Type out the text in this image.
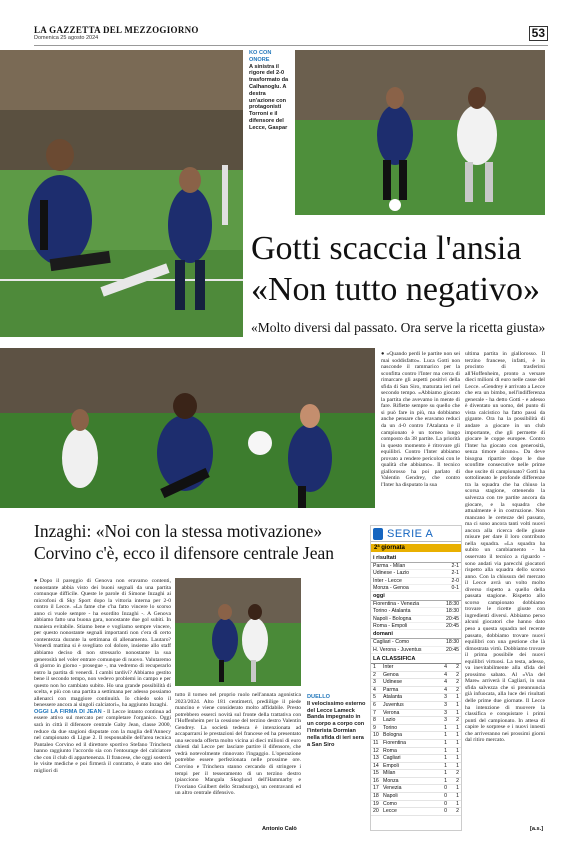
LA GAZZETTA DEL MEZZOGIORNO
Domenica 25 agosto 2024	53
KO CON ONORE
A sinistra il rigore del 2-0 trasformato da Calhanoglu. A destra un'azione con protagonisti Torroni e il difensore del Lecce, Gaspar
Gotti scaccia l'ansia
«Non tutto negativo»
«Molto diversi dal passato. Ora serve la ricetta giusta»
● «Quando perdi le partite non sei mai soddisfatto». Luca Gotti non nasconde il rammarico per la sconfitta contro l'Inter ma cerca di rimarcare gli aspetti positivi della sfida di San Siro, maturata ieri nel secondo tempo. «Abbiamo giocato la partita che avevamo in mente di fare. Riflette sempre su quello che si può fare in più, ma dobbiamo anche pensare che eravamo reduci da un 4-0 contro l'Atalanta e il campionato è un torneo lungo composto da 38 partite. La priorità in questo momento è ritrovare gli equilibri. Contro l'Inter abbiamo provato a rendere pericolosi con le qualità che abbiamo». Il tecnico giallorosso ha poi parlato di Valentin Gendrey, che contro l'Inter ha disputato la sua
ultima partita in giallorosso. Il terzino francese, infatti, è in procinto di trasferirsi all'Hoffenheim, pronto a versare dieci milioni di euro nelle casse del Lecce. «Gendrey è arrivato a Lecce che era un bimbo, nell'indifferenza generale - ha detto Gotti - e adesso è diventato un uomo, del punto di vista calcistico ha fatto passi da gigante. Ora ha la possibilità di andare a giocare in un club importante, che gli permette di giocare le coppe europee. Contro l'Inter ha giocato con generosità, senza timore alcuno». Da deve bisogna ripartire dopo le due sconfitte consecutive nelle prime due uscite di campionato? Gotti ha sottolineato le profonde differenze tra la squadra che ha chiuso la scorsa stagione, ottenendo la salvezza con tre partite ancora da giocare, e la squadra che attualmente è in costruzione. Non mancano le certezze del passato, ma ci sono ancora tanti volti nuovi ancora alla ricerca delle giuste misure per dare il loro contributo nella squadra. «La squadra ha subito un cambiamento - ha osservato il tecnico a riguardo - sono andati via parecchi giocatori rispetto alla squadra dello scorso anno. Con la chiusura del mercato il Lecce avrà un volto molto diverso rispetto a quello della passata stagione. Rispetto allo scorso campionato dobbiamo trovare le ricette giuste con ingredienti diversi. Abbiamo perso alcuni giocatori che hanno dato peso a questa squadra nel recente passato, dobbiamo trovare nuovi equilibri con una gestione che là dimostrata virtù. Dobbiamo trovare il prima possibile dei nuovi equilibri virtuosi. La testa, adesso, va inevitabilmente alla sfida del prossimo sabato. Al «Via del Mare» arriverà il Cagliari, in una sfida salvezza che si preannuncia già infuocata, alla luce dei risultati delle prime due giornate. Il Lecce ha intenzione di muovere la classifica e conquistare i primi punti del campionato. In attesa di capire le sorprese e i nuovi innesti che arriveranno nei prossimi giorni dal ritiro mercato.
[a.s.]
Inzaghi: «Noi con la stessa motivazione»
Corvino c'è, ecco il difensore centrale Jean
SERIE A
2ª giornata
i risultati
Parma - Milan	2-1
Udinese - Lazio	2-1
Inter - Lecce	2-0
Monza - Genoa	0-1
oggi
Fiorentina - Venezia	18:30
Torino - Atalanta	18:30
Napoli - Bologna	20:45
Roma - Empoli	20:45
domani
Cagliari - Como	18:30
H. Verona - Juventus	20:45
LA CLASSIFICA
1	Inter	4	2
2	Genoa	4	2
3	Udinese	4	2
4	Parma	4	2
5	Atalanta	3	1
6	Juventus	3	1
7	Verona	3	1
8	Lazio	3	2
9	Torino	1	1
10 Bologna	1	1
11 Fiorentina	1	1
12 Roma	1	1
13 Cagliari	1	1
14 Empoli	1	1
15 Milan	1	2
16 Monza	1	2
17 Venezia	0	1
18 Napoli	0	1
19 Como	0	1
20 Lecce	0	2
●Dopo il pareggio di Genova non eravamo contenti, nonostante abbia visto dei buoni segnali da una partita comunque difficile. Queste le parole di Simone Inzaghi ai microfoni di Sky Sport dopo la vittoria interna per 2-0 contro il Lecce. «La fame che c'ha fatto vincere lo scorso anno ci vuole sempre - ha esordito Inzaghi -. A Genova abbiamo fatto una buona gara, nonostante due gol subiti. In maniera evitabile. Stiamo bene e vogliamo sempre vincere, per questo nonostante segnali importanti non c'era di certo contentezza durante la settimana di allenamento. Lautaro? Venerdì mattina si è svegliato col dolore, insieme allo staff abbiamo deciso di non stressarlo nonostante la sua generosità nel voler entrare comunque di nuovo. Valutaremo di giorno in giorno - prosegue -, ma vedremo di recuperarlo entro la partita di venerdì. I cambi tardivi? Abbiamo gestito bene il secondo tempo, non vedevo problemi in campo e per questo non ho cambiato subito. Ho una grande possibilità di scelta, e più con una partita a settimana per adesso possiamo allenarci con maggiore continuità. Io chiedo solo il benessere ancora ai singoli calciatori», ha aggiunto Inzaghi.
OGGI LA FIRMA DI JEAN - Il Lecce intanto continua ad essere attivo sul mercato per completare l'organico. Oggi sarà in città il difensore centrale Gaby Jean, classe 2000, reduce da due stagioni disputate con la maglia dell'Annecy nel campionato di Ligue 2. Il responsabile dell'area tecnica Pantaleo Corvino ed il direttore sportivo Stefano Trinchera hanno raggiunto l'accordo sia con l'entourage del calciatore che con il club di appartenenza. Il francese, che oggi sosterrà le visite mediche e poi firmerà il contratto, è stato uno dei migliori di
DUELLO
Il velocissimo esterno del Lecce Lameck Banda impegnato in un corpo a corpo con l'interista Dormian nella sfida di ieri sera a San Siro
tutto il torneo nel proprio ruolo nell'annata agonistica 2023/2024. Alto 181 centimetri, prediilige il piede mancino e viene considerato molto affidabile. Presto potrebbero esserci novità sul fronte della trattativa con l'Hoffenheim per la cessione del terzino destro Valentin Gendrey. La società tedesca è intenzionata ad accaparrarsi le prestazioni del francese ed ha presentato una seconda offerta molto vicina ai dieci milioni di euro chiesti dal Lecce per lasciare partire il difensore, che vedrà notevolmente rinnovato l'ingaggio. L'operazione potrebbe essere perfezionata nelle prossime ore. Corvino e Trinchera stanno cercando di stringere i tempi per il tesseramento di un terzino destro (piacciono Mangala Skoglund dell'Hammarby e l'ivoriano Guilbert dello Strasburgo), un centravanti ed un altro centrale difensivo.
Antonio Calò
